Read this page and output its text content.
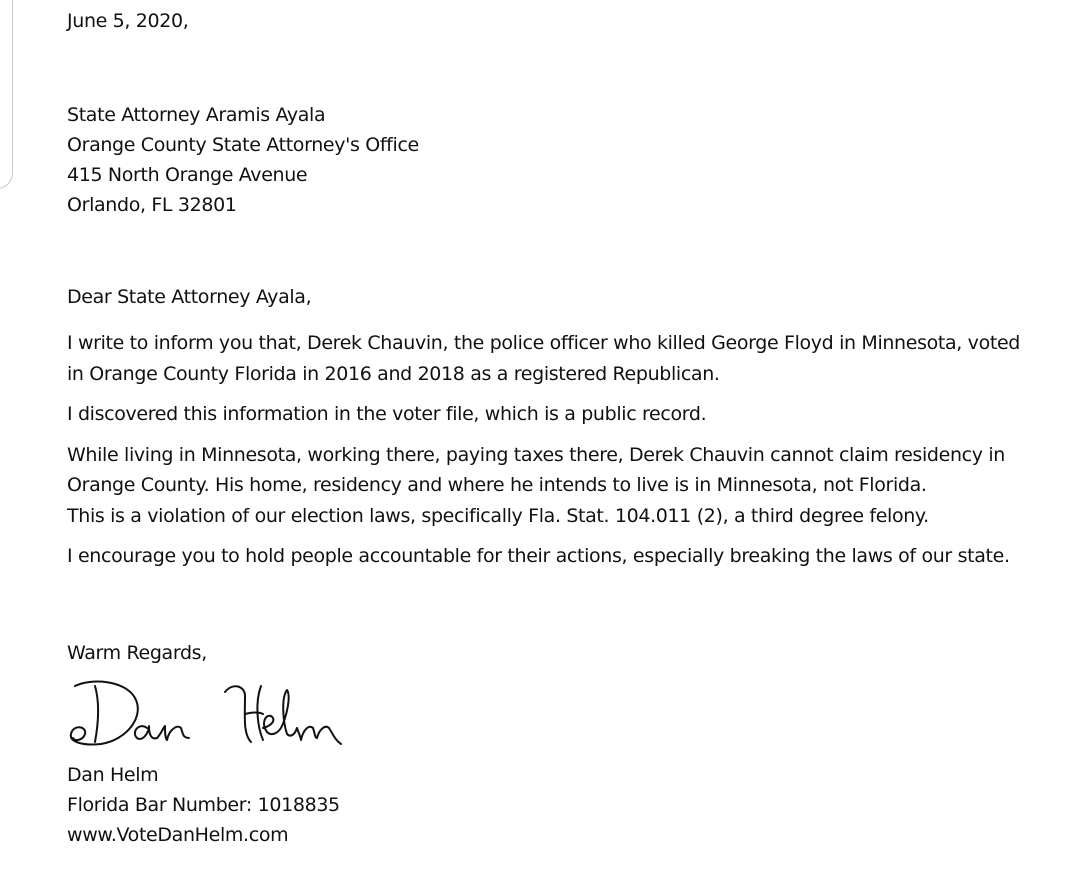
June 5, 2020,
State Attorney Aramis Ayala
Orange County State Attorney's Office
415 North Orange Avenue
Orlando, FL 32801
Dear State Attorney Ayala,
I write to inform you that, Derek Chauvin, the police officer who killed George Floyd in Minnesota, voted
in Orange County Florida in 2016 and 2018 as a registered Republican.
I discovered this information in the voter file, which is a public record.
While living in Minnesota, working there, paying taxes there, Derek Chauvin cannot claim residency in
Orange County. His home, residency and where he intends to live is in Minnesota, not Florida.
This is a violation of our election laws, specifically Fla. Stat. 104.011 (2), a third degree felony.
I encourage you to hold people accountable for their actions, especially breaking the laws of our state.
Warm Regards,
Dan Helm
Florida Bar Number: 1018835
www.VoteDanHelm.com
